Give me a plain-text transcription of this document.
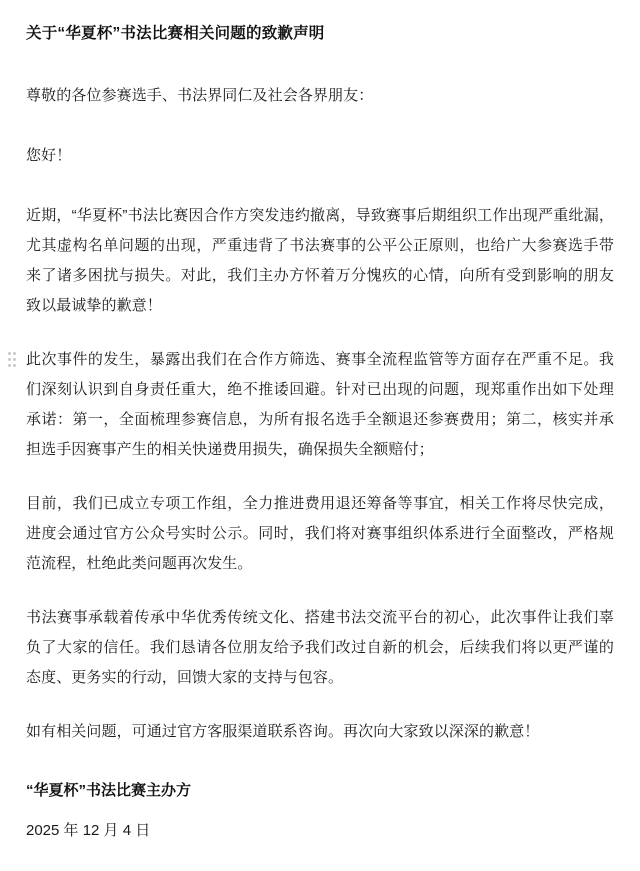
关于“华夏杯”书法比赛相关问题的致歉声明

尊敬的各位参赛选手、书法界同仁及社会各界朋友：

您好！

近期，“华夏杯”书法比赛因合作方突发违约撤离，导致赛事后期组织工作出现严重纰漏，尤其虚构名单问题的出现，严重违背了书法赛事的公平公正原则，也给广大参赛选手带来了诸多困扰与损失。对此，我们主办方怀着万分愧疚的心情，向所有受到影响的朋友致以最诚挚的歉意！

此次事件的发生，暴露出我们在合作方筛选、赛事全流程监管等方面存在严重不足。我们深刻认识到自身责任重大，绝不推诿回避。针对已出现的问题，现郑重作出如下处理承诺：第一，全面梳理参赛信息，为所有报名选手全额退还参赛费用；第二，核实并承担选手因赛事产生的相关快递费用损失，确保损失全额赔付；

目前，我们已成立专项工作组，全力推进费用退还筹备等事宜，相关工作将尽快完成，进度会通过官方公众号实时公示。同时，我们将对赛事组织体系进行全面整改，严格规范流程，杜绝此类问题再次发生。

书法赛事承载着传承中华优秀传统文化、搭建书法交流平台的初心，此次事件让我们辜负了大家的信任。我们恳请各位朋友给予我们改过自新的机会，后续我们将以更严谨的态度、更务实的行动，回馈大家的支持与包容。

如有相关问题，可通过官方客服渠道联系咨询。再次向大家致以深深的歉意！

“华夏杯”书法比赛主办方

2025 年 12 月 4 日
